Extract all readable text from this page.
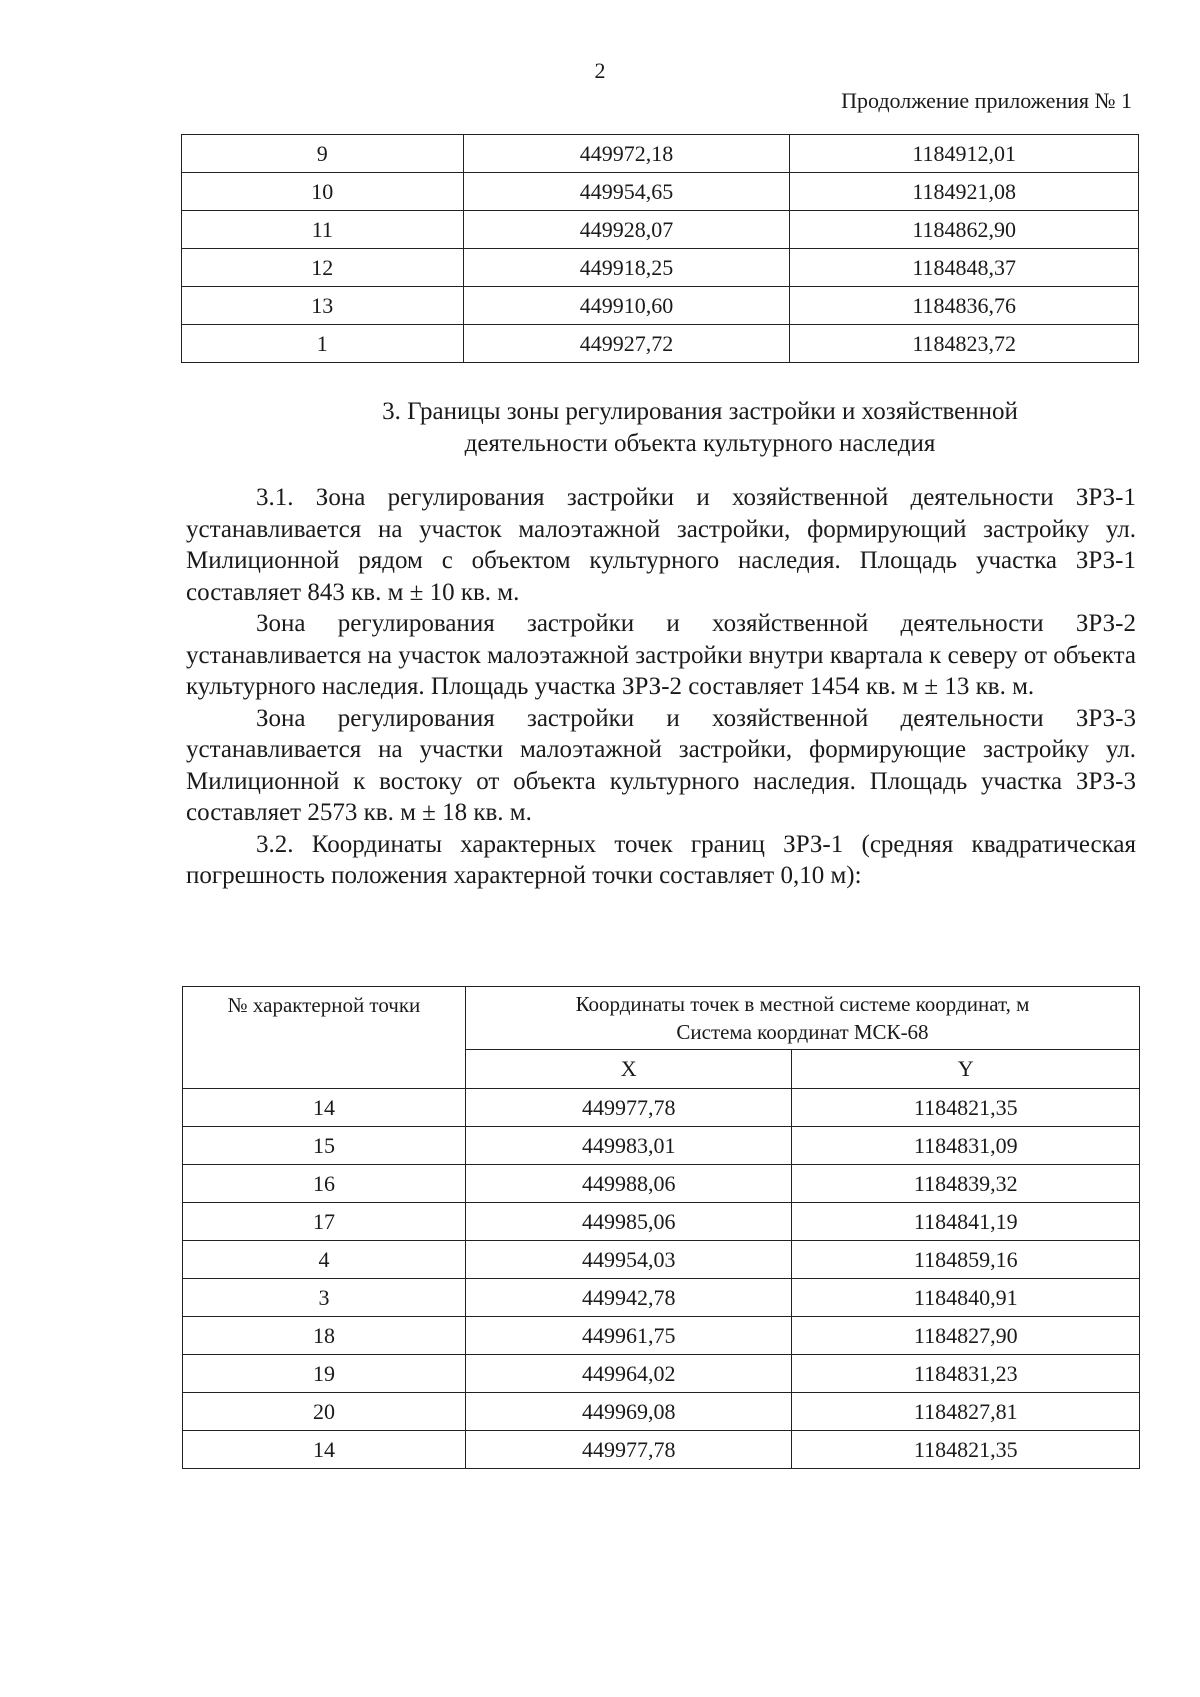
2
Продолжение приложения № 1
9	449972,18	1184912,01
10	449954,65	1184921,08
11	449928,07	1184862,90
12	449918,25	1184848,37
13	449910,60	1184836,76
1	449927,72	1184823,72
3. Границы зоны регулирования застройки и хозяйственной
деятельности объекта культурного наследия

3.1. Зона регулирования застройки и хозяйственной деятельности ЗРЗ-1 устанавливается на участок малоэтажной застройки, формирующий застройку ул. Милиционной рядом с объектом культурного наследия. Площадь участка ЗРЗ-1 составляет 843 кв. м ± 10 кв. м.

Зона регулирования застройки и хозяйственной деятельности ЗРЗ-2 устанавливается на участок малоэтажной застройки внутри квартала к северу от объекта культурного наследия. Площадь участка ЗРЗ-2 составляет 1454 кв. м ± 13 кв. м.

Зона регулирования застройки и хозяйственной деятельности ЗРЗ-3 устанавливается на участки малоэтажной застройки, формирующие застройку ул. Милиционной к востоку от объекта культурного наследия. Площадь участка ЗРЗ-3 составляет 2573 кв. м ± 18 кв. м.

3.2. Координаты характерных точек границ ЗРЗ-1 (средняя квадратическая погрешность положения характерной точки составляет 0,10 м):

№ характерной точки	Координаты точек в местной системе координат, м
Система координат МСК-68	

	X	Y
14	449977,78	1184821,35
15	449983,01	1184831,09
16	449988,06	1184839,32
17	449985,06	1184841,19
4	449954,03	1184859,16
3	449942,78	1184840,91
18	449961,75	1184827,90
19	449964,02	1184831,23
20	449969,08	1184827,81
14	449977,78	1184821,35
